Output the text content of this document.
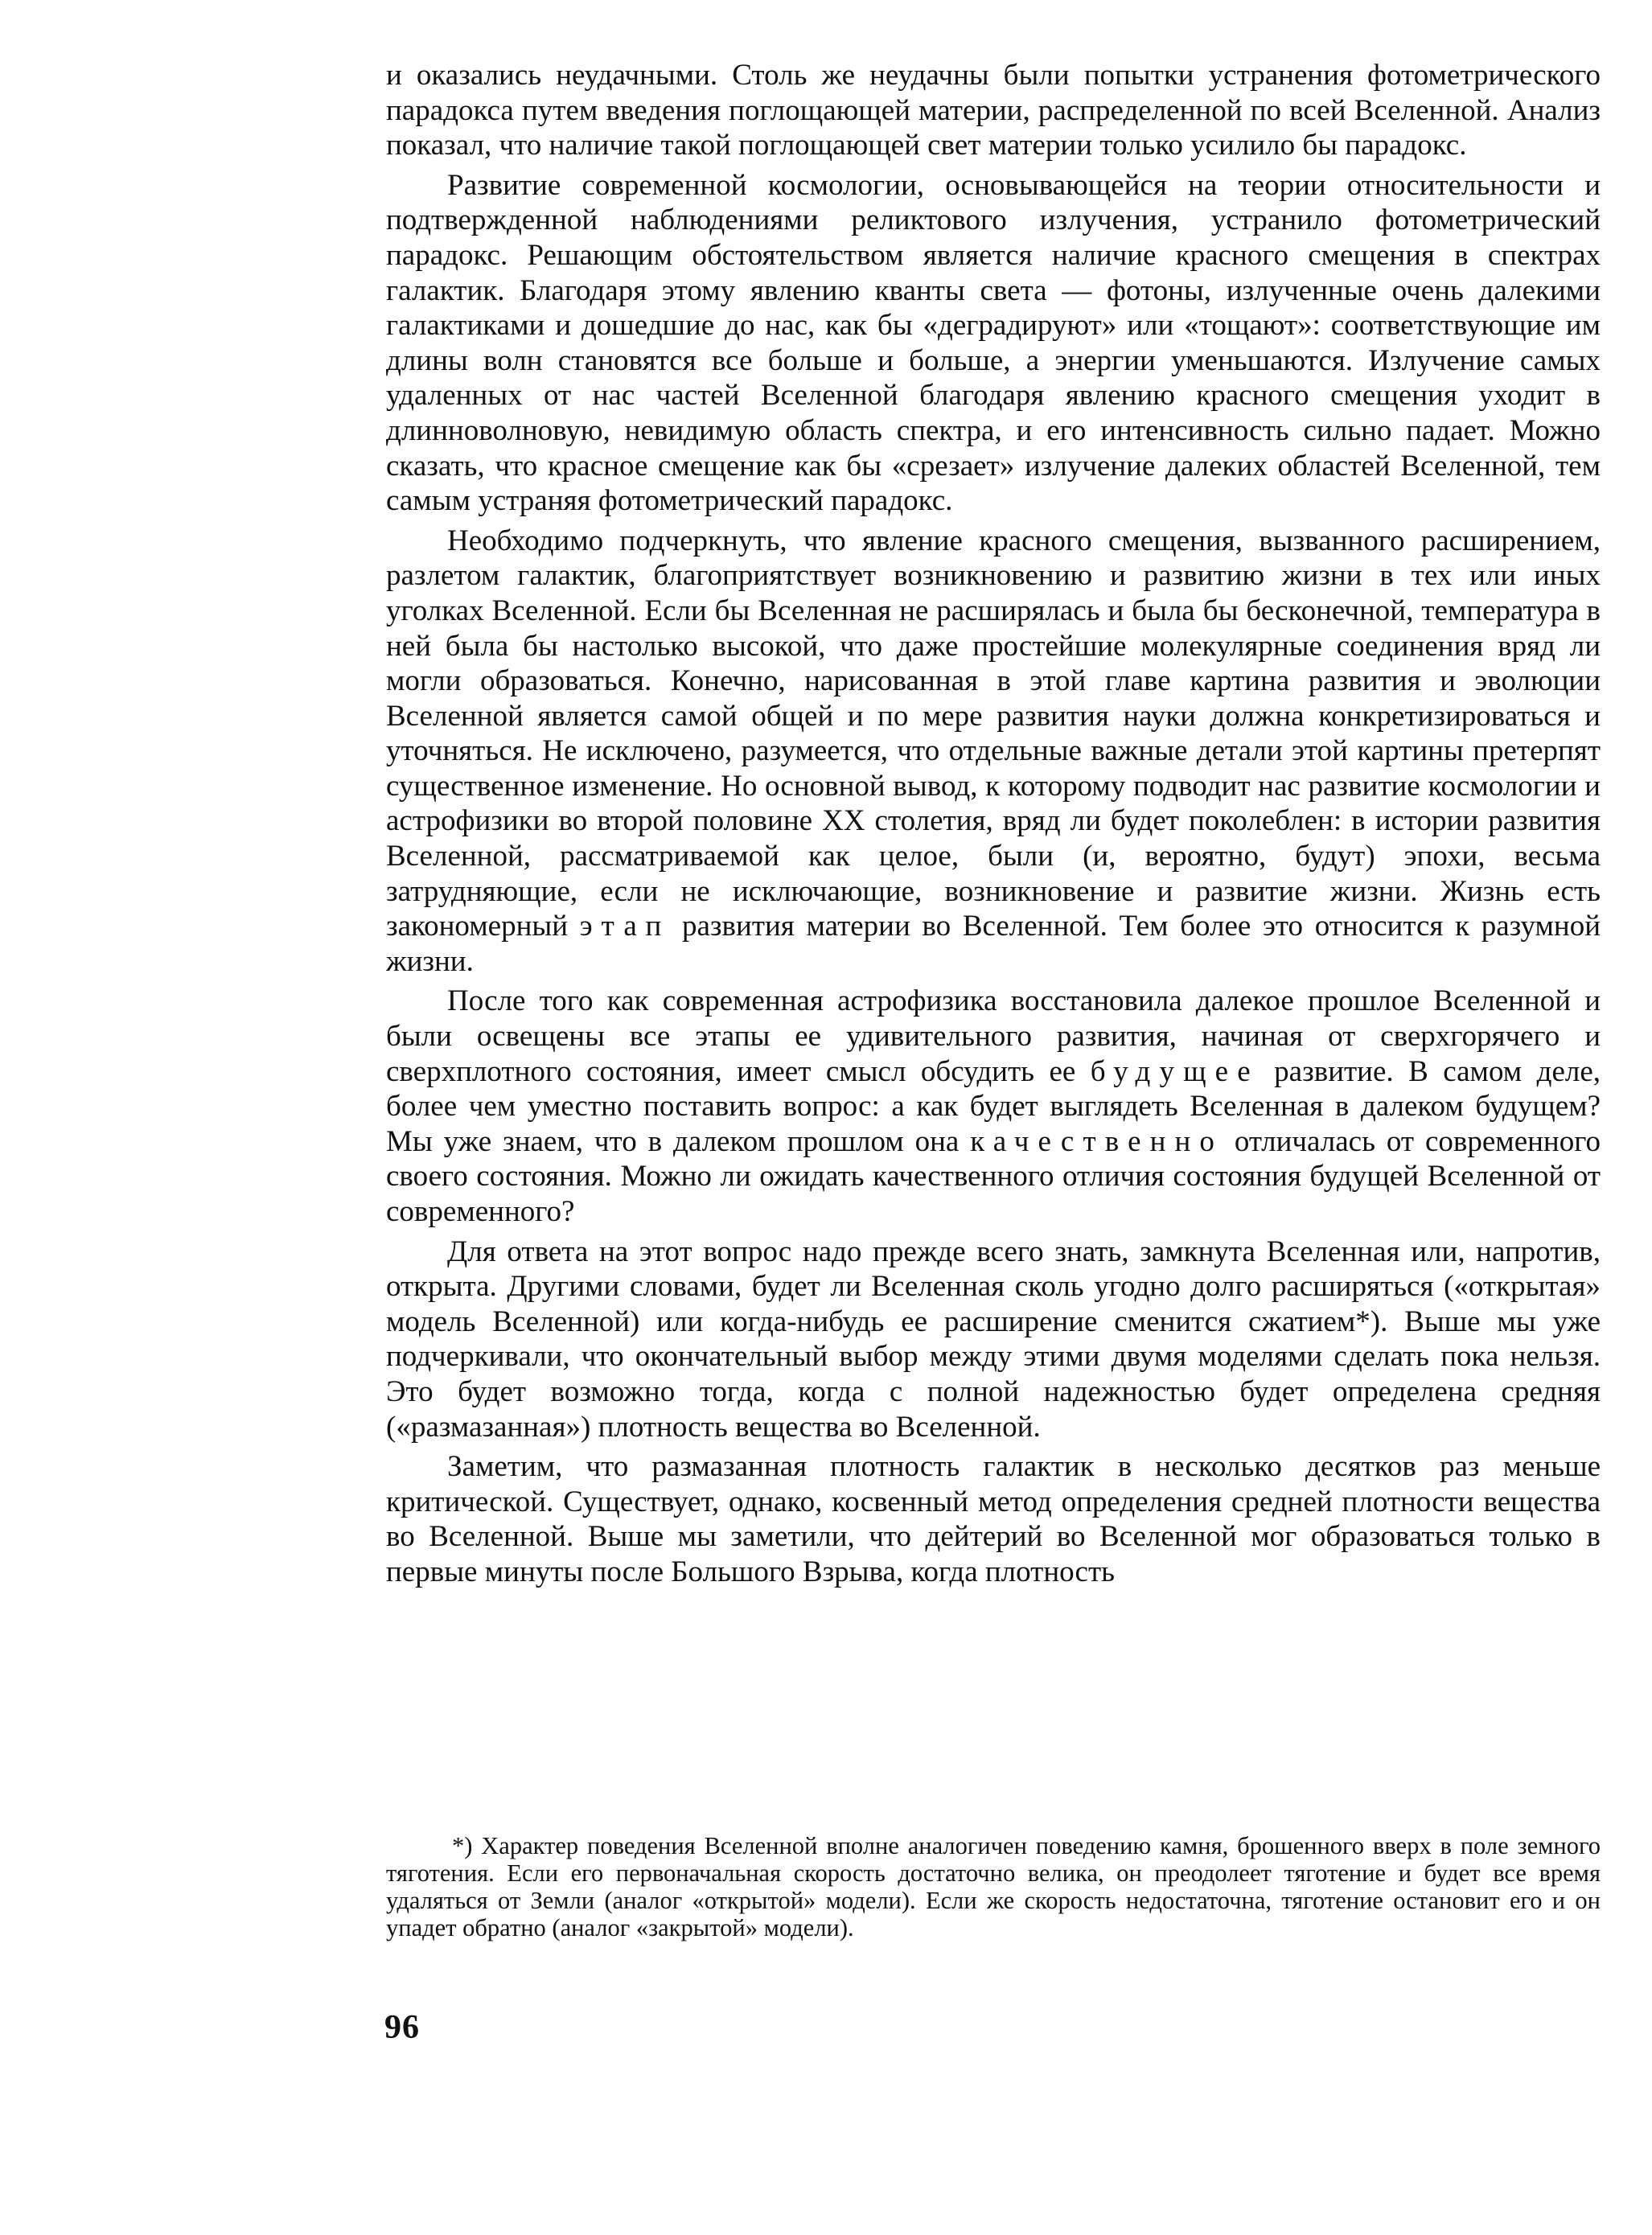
и оказались неудачными. Столь же неудачны были попытки устранения фотометрического парадокса путем введения поглощающей материи, распределенной по всей Вселенной. Анализ показал, что наличие такой поглощающей свет материи только усилило бы парадокс.

Развитие современной космологии, основывающейся на теории относительности и подтвержденной наблюдениями реликтового излучения, устранило фотометрический парадокс. Решающим обстоятельством является наличие красного смещения в спектрах галактик. Благодаря этому явлению кванты света — фотоны, излученные очень далекими галактиками и дошедшие до нас, как бы «деградируют» или «тощают»: соответствующие им длины волн становятся все больше и больше, а энергии уменьшаются. Излучение самых удаленных от нас частей Вселенной благодаря явлению красного смещения уходит в длинноволновую, невидимую область спектра, и его интенсивность сильно падает. Можно сказать, что красное смещение как бы «срезает» излучение далеких областей Вселенной, тем самым устраняя фотометрический парадокс.

Необходимо подчеркнуть, что явление красного смещения, вызванного расширением, разлетом галактик, благоприятствует возникновению и развитию жизни в тех или иных уголках Вселенной. Если бы Вселенная не расширялась и была бы бесконечной, температура в ней была бы настолько высокой, что даже простейшие молекулярные соединения вряд ли могли образоваться. Конечно, нарисованная в этой главе картина развития и эволюции Вселенной является самой общей и по мере развития науки должна конкретизироваться и уточняться. Не исключено, разумеется, что отдельные важные детали этой картины претерпят существенное изменение. Но основной вывод, к которому подводит нас развитие космологии и астрофизики во второй половине XX столетия, вряд ли будет поколеблен: в истории развития Вселенной, рассматриваемой как целое, были (и, вероятно, будут) эпохи, весьма затрудняющие, если не исключающие, возникновение и развитие жизни. Жизнь есть закономерный этап развития материи во Вселенной. Тем более это относится к разумной жизни.

После того как современная астрофизика восстановила далекое прошлое Вселенной и были освещены все этапы ее удивительного развития, начиная от сверхгорячего и сверхплотного состояния, имеет смысл обсудить ее будущее развитие. В самом деле, более чем уместно поставить вопрос: а как будет выглядеть Вселенная в далеком будущем? Мы уже знаем, что в далеком прошлом она качественно отличалась от современного своего состояния. Можно ли ожидать качественного отличия состояния будущей Вселенной от современного?

Для ответа на этот вопрос надо прежде всего знать, замкнута Вселенная или, напротив, открыта. Другими словами, будет ли Вселенная сколь угодно долго расширяться («открытая» модель Вселенной) или когда-нибудь ее расширение сменится сжатием*). Выше мы уже подчеркивали, что окончательный выбор между этими двумя моделями сделать пока нельзя. Это будет возможно тогда, когда с полной надежностью будет определена средняя («размазанная») плотность вещества во Вселенной.

Заметим, что размазанная плотность галактик в несколько десятков раз меньше критической. Существует, однако, косвенный метод определения средней плотности вещества во Вселенной. Выше мы заметили, что дейтерий во Вселенной мог образоваться только в первые минуты после Большого Взрыва, когда плотность

*) Характер поведения Вселенной вполне аналогичен поведению камня, брошенного вверх в поле земного тяготения. Если его первоначальная скорость достаточно велика, он преодолеет тяготение и будет все время удаляться от Земли (аналог «открытой» модели). Если же скорость недостаточна, тяготение остановит его и он упадет обратно (аналог «закрытой» модели).

96
